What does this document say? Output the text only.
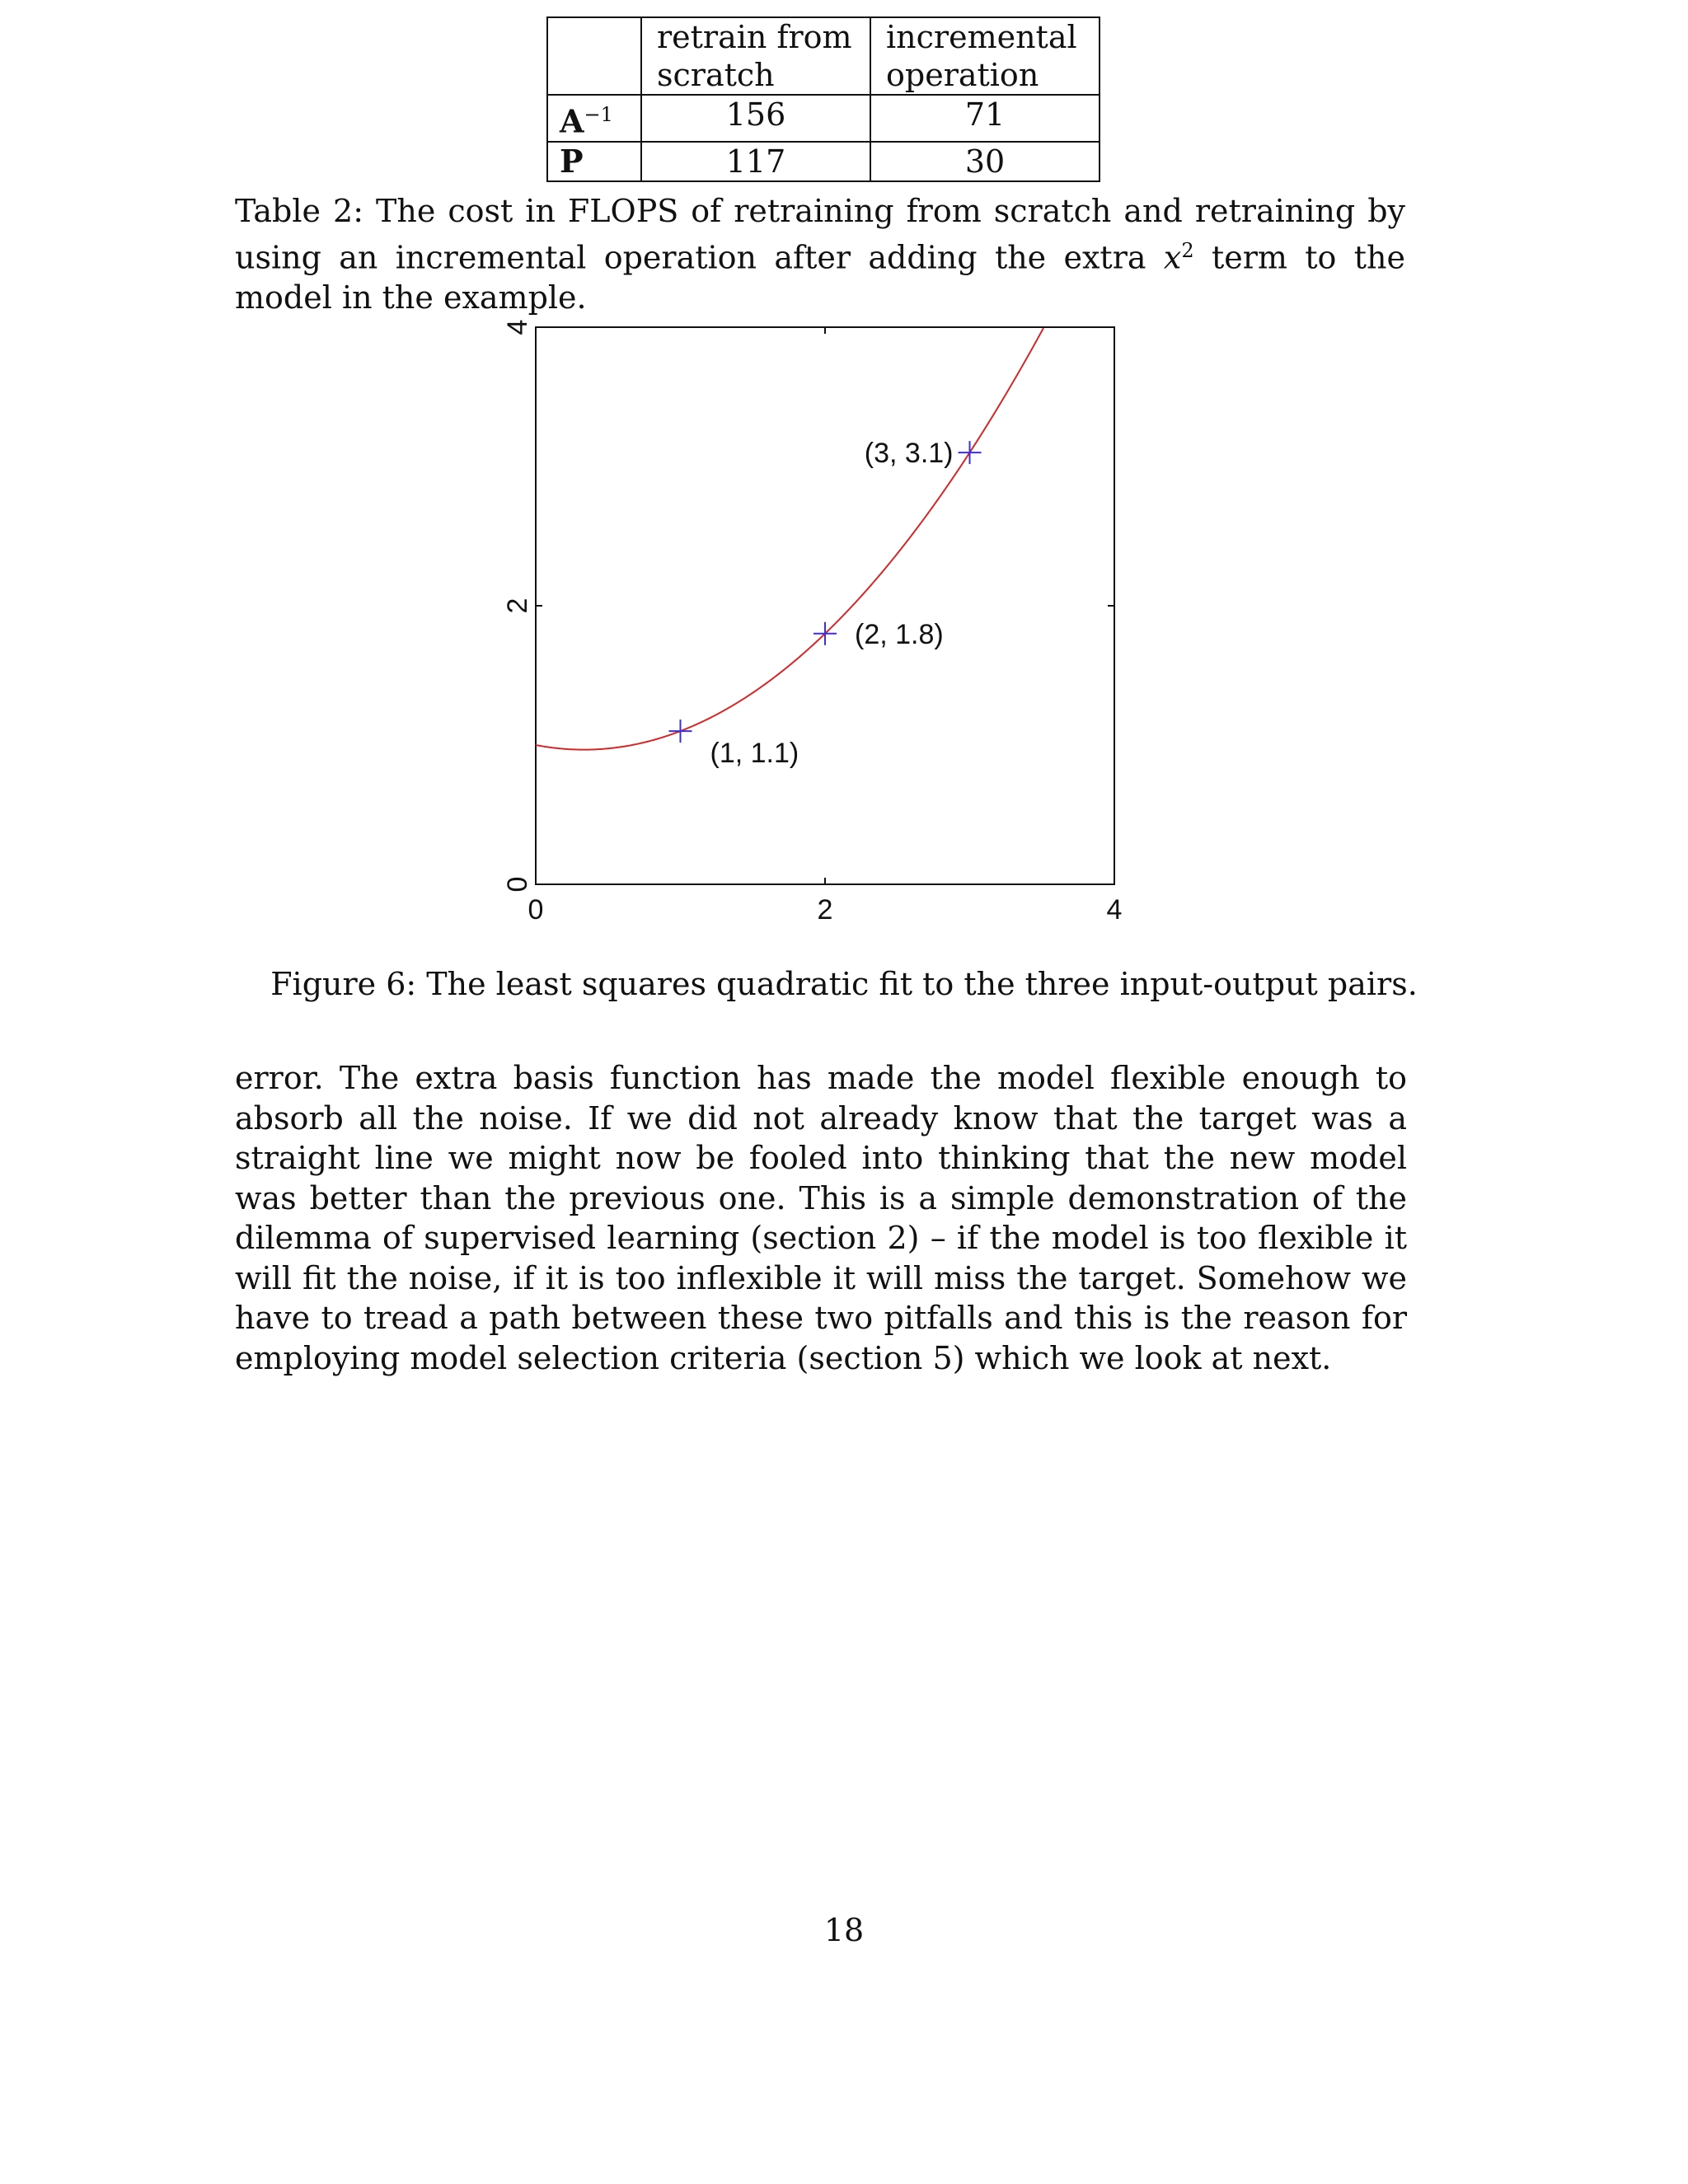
	retrain from scratch	incremental operation
$A^{-1}$	156	71
P	117	30

Table 2: The cost in FLOPS of retraining from scratch and retraining by using an incremental operation after adding the extra $x^2$ term to the model in the example.

0	2	4
0
2
4
(1, 1.1)
(2, 1.8)
(3, 3.1)

Figure 6: The least squares quadratic fit to the three input-output pairs.

error. The extra basis function has made the model flexible enough to absorb all the noise. If we did not already know that the target was a straight line we might now be fooled into thinking that the new model was better than the previous one. This is a simple demonstration of the dilemma of supervised learning (section 2) – if the model is too flexible it will fit the noise, if it is too inflexible it will miss the target. Somehow we have to tread a path between these two pitfalls and this is the reason for employing model selection criteria (section 5) which we look at next.

18
